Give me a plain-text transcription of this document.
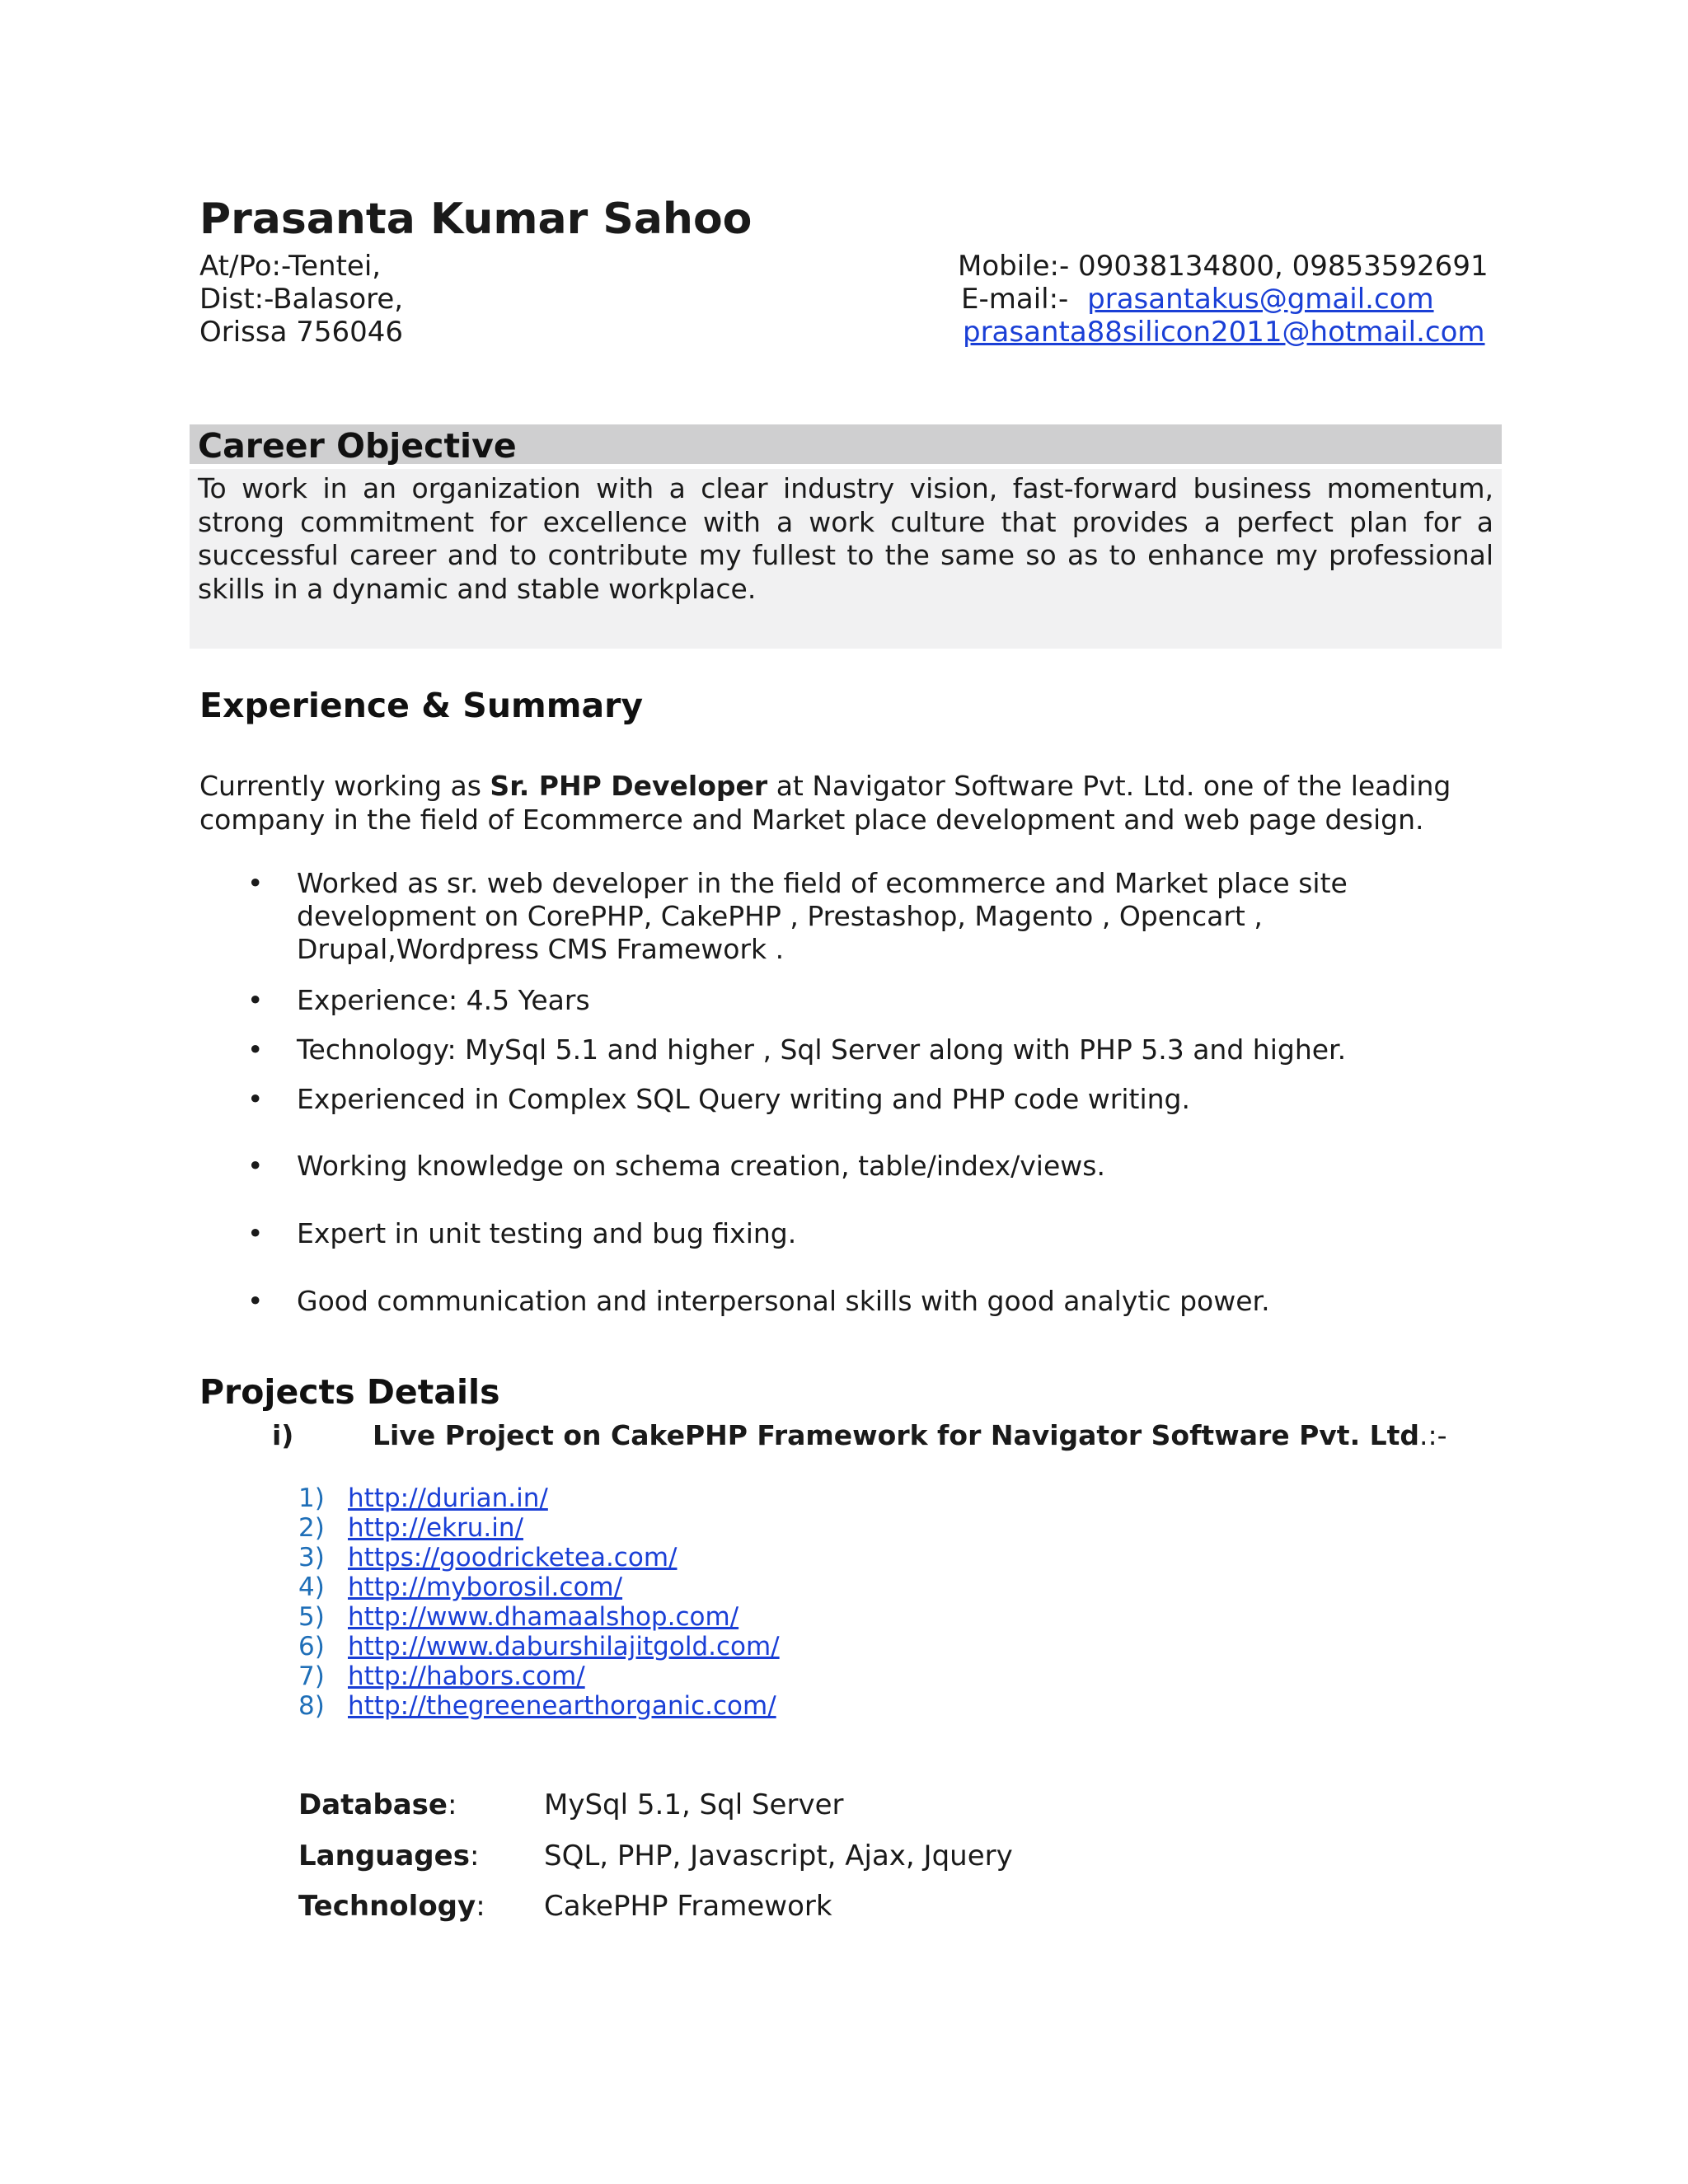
Prasanta Kumar Sahoo
At/Po:-Tentei,
Dist:-Balasore,
Orissa 756046
Mobile:- 09038134800, 09853592691
E-mail:- prasantakus@gmail.com
prasanta88silicon2011@hotmail.com
Career Objective
To work in an organization with a clear industry vision, fast-forward business momentum, strong commitment for excellence with a work culture that provides a perfect plan for a successful career and to contribute my fullest to the same so as to enhance my professional skills in a dynamic and stable workplace.
Experience & Summary
Currently working as Sr. PHP Developer at Navigator Software Pvt. Ltd. one of the leading company in the field of Ecommerce and Market place development and web page design.
• Worked as sr. web developer in the field of ecommerce and Market place site
development on CorePHP, CakePHP , Prestashop, Magento , Opencart ,
Drupal,Wordpress CMS Framework .
• Experience: 4.5 Years
• Technology: MySql 5.1 and higher , Sql Server along with PHP 5.3 and higher.
• Experienced in Complex SQL Query writing and PHP code writing.
• Working knowledge on schema creation, table/index/views.
• Expert in unit testing and bug fixing.
• Good communication and interpersonal skills with good analytic power.
Projects Details
i)	Live Project on CakePHP Framework for Navigator Software Pvt. Ltd.:-
1) http://durian.in/
2) http://ekru.in/
3) https://goodricketea.com/
4) http://myborosil.com/
5) http://www.dhamaalshop.com/
6) http://www.daburshilajitgold.com/
7) http://habors.com/
8) http://thegreenearthorganic.com/
Database:	MySql 5.1, Sql Server
Languages: SQL, PHP, Javascript, Ajax, Jquery
Technology: CakePHP Framework
